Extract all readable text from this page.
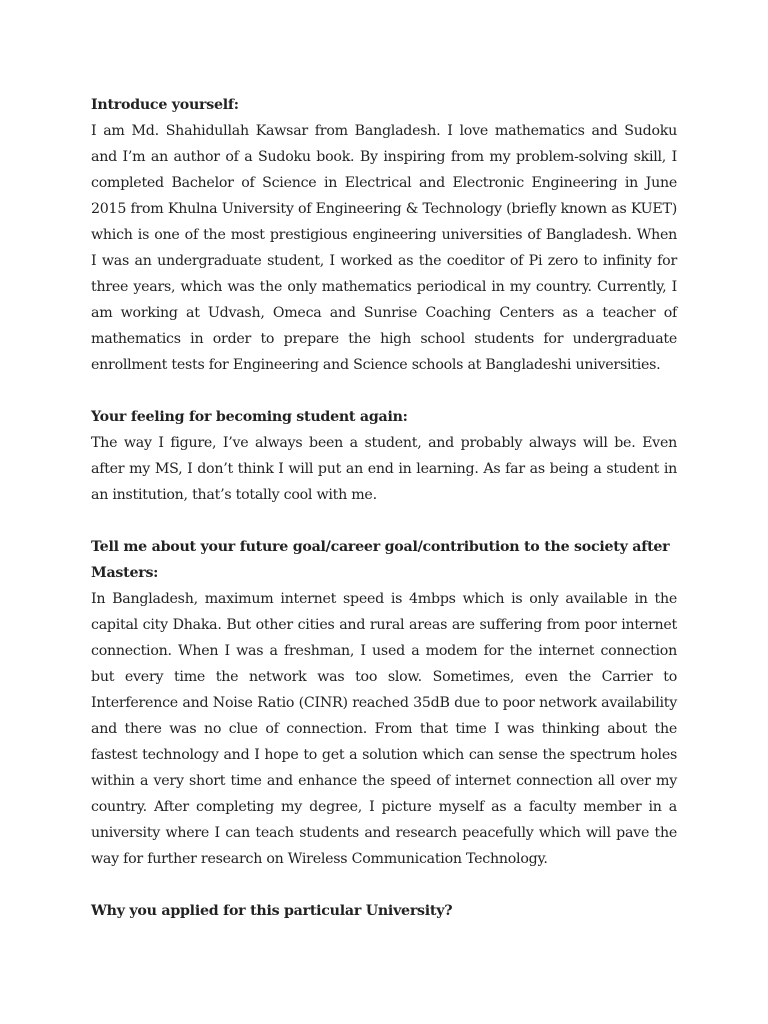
Introduce yourself:

I am Md. Shahidullah Kawsar from Bangladesh. I love mathematics and Sudoku and I’m an author of a Sudoku book. By inspiring from my problem-solving skill, I completed Bachelor of Science in Electrical and Electronic Engineering in June 2015 from Khulna University of Engineering & Technology (briefly known as KUET) which is one of the most prestigious engineering universities of Bangladesh. When I was an undergraduate student, I worked as the coeditor of Pi zero to infinity for three years, which was the only mathematics periodical in my country. Currently, I am working at Udvash, Omeca and Sunrise Coaching Centers as a teacher of mathematics in order to prepare the high school students for undergraduate enrollment tests for Engineering and Science schools at Bangladeshi universities.

Your feeling for becoming student again:

The way I figure, I’ve always been a student, and probably always will be. Even after my MS, I don’t think I will put an end in learning. As far as being a student in an institution, that’s totally cool with me.

Tell me about your future goal/career goal/contribution to the society after Masters:

In Bangladesh, maximum internet speed is 4mbps which is only available in the capital city Dhaka. But other cities and rural areas are suffering from poor internet connection. When I was a freshman, I used a modem for the internet connection but every time the network was too slow. Sometimes, even the Carrier to Interference and Noise Ratio (CINR) reached 35dB due to poor network availability and there was no clue of connection. From that time I was thinking about the fastest technology and I hope to get a solution which can sense the spectrum holes within a very short time and enhance the speed of internet connection all over my country. After completing my degree, I picture myself as a faculty member in a university where I can teach students and research peacefully which will pave the way for further research on Wireless Communication Technology.

Why you applied for this particular University?
